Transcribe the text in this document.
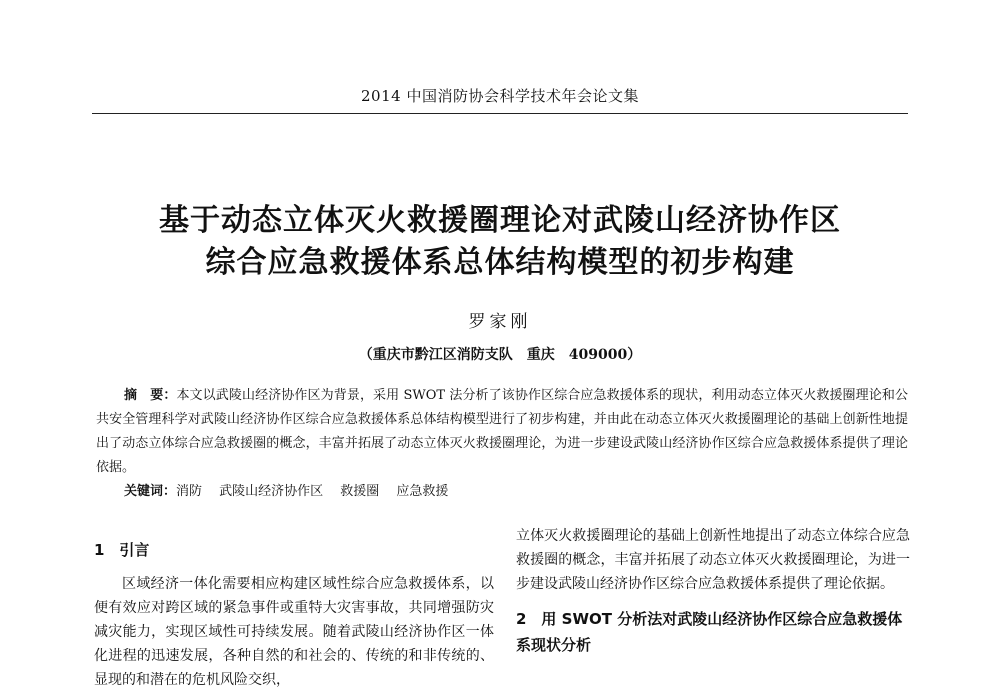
2014 中国消防协会科学技术年会论文集
基于动态立体灭火救援圈理论对武陵山经济协作区
综合应急救援体系总体结构模型的初步构建
罗家刚
（重庆市黔江区消防支队　重庆　409000）
摘　要：本文以武陵山经济协作区为背景，采用 SWOT 法分析了该协作区综合应急救援体系的现状，利用动态立体灭火救援圈理论和公共安全管理科学对武陵山经济协作区综合应急救援体系总体结构模型进行了初步构建，并由此在动态立体灭火救援圈理论的基础上创新性地提出了动态立体综合应急救援圈的概念，丰富并拓展了动态立体灭火救援圈理论，为进一步建设武陵山经济协作区综合应急救援体系提供了理论依据。
关键词：消防　 武陵山经济协作区　 救援圈　 应急救援
1　引言

区域经济一体化需要相应构建区域性综合应急救援体系，以便有效应对跨区域的紧急事件或重特大灾害事故，共同增强防灾减灾能力，实现区域性可持续发展。随着武陵山经济协作区一体化进程的迅速发展，各种自然的和社会的、传统的和非传统的、显现的和潜在的危机风险交织，

立体灭火救援圈理论的基础上创新性地提出了动态立体综合应急救援圈的概念，丰富并拓展了动态立体灭火救援圈理论，为进一步建设武陵山经济协作区综合应急救援体系提供了理论依据。

2　用 SWOT 分析法对武陵山经济协作区综合应急救援体系现状分析
